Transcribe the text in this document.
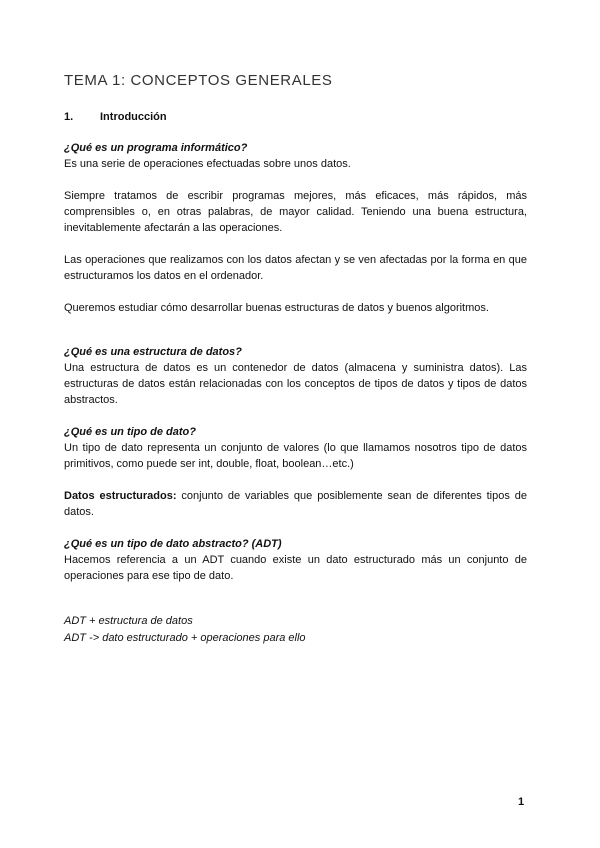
TEMA 1: CONCEPTOS GENERALES
1. Introducción
¿Qué es un programa informático?
Es una serie de operaciones efectuadas sobre unos datos.
Siempre tratamos de escribir programas mejores, más eficaces, más rápidos, más comprensibles o, en otras palabras, de mayor calidad. Teniendo una buena estructura, inevitablemente afectarán a las operaciones.
Las operaciones que realizamos con los datos afectan y se ven afectadas por la forma en que estructuramos los datos en el ordenador.
Queremos estudiar cómo desarrollar buenas estructuras de datos y buenos algoritmos.
¿Qué es una estructura de datos?
Una estructura de datos es un contenedor de datos (almacena y suministra datos). Las estructuras de datos están relacionadas con los conceptos de tipos de datos y tipos de datos abstractos.
¿Qué es un tipo de dato?
Un tipo de dato representa un conjunto de valores (lo que llamamos nosotros tipo de datos primitivos, como puede ser int, double, float, boolean…etc.)
Datos estructurados: conjunto de variables que posiblemente sean de diferentes tipos de datos.
¿Qué es un tipo de dato abstracto? (ADT)
Hacemos referencia a un ADT cuando existe un dato estructurado más un conjunto de operaciones para ese tipo de dato.
ADT + estructura de datos
ADT -> dato estructurado + operaciones para ello
1
